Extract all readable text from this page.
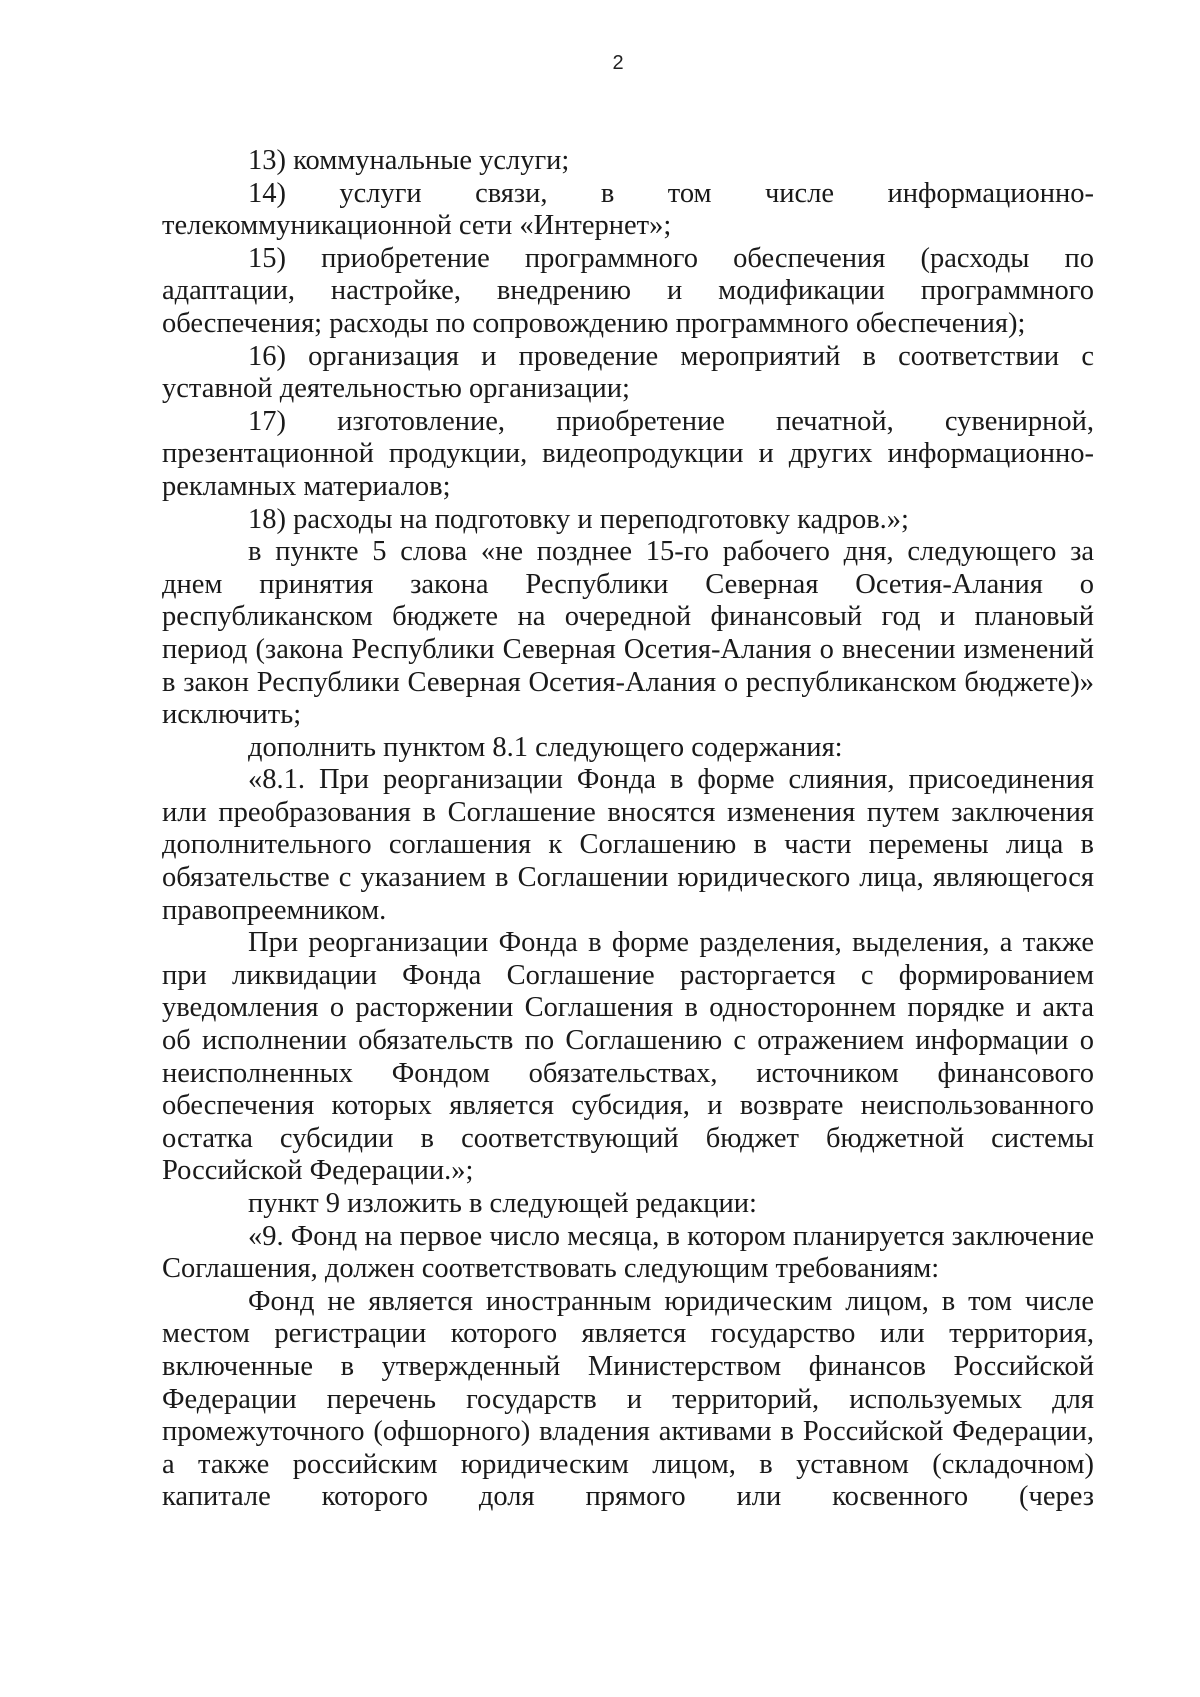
2

13) коммунальные услуги;

14) услуги связи, в том числе информационно-телекоммуникационной сети «Интернет»;

15) приобретение программного обеспечения (расходы по адаптации, настройке, внедрению и модификации программного обеспечения; расходы по сопровождению программного обеспечения);

16) организация и проведение мероприятий в соответствии с уставной деятельностью организации;

17) изготовление, приобретение печатной, сувенирной, презентационной продукции, видеопродукции и других информационно-рекламных материалов;

18) расходы на подготовку и переподготовку кадров.»;

в пункте 5 слова «не позднее 15-го рабочего дня, следующего за днем принятия закона Республики Северная Осетия-Алания о республиканском бюджете на очередной финансовый год и плановый период (закона Республики Северная Осетия-Алания о внесении изменений в закон Республики Северная Осетия-Алания о республиканском бюджете)» исключить;

дополнить пунктом 8.1 следующего содержания:

«8.1. При реорганизации Фонда в форме слияния, присоединения или преобразования в Соглашение вносятся изменения путем заключения дополнительного соглашения к Соглашению в части перемены лица в обязательстве с указанием в Соглашении юридического лица, являющегося правопреемником.

При реорганизации Фонда в форме разделения, выделения, а также при ликвидации Фонда Соглашение расторгается с формированием уведомления о расторжении Соглашения в одностороннем порядке и акта об исполнении обязательств по Соглашению с отражением информации о неисполненных Фондом обязательствах, источником финансового обеспечения которых является субсидия, и возврате неиспользованного остатка субсидии в соответствующий бюджет бюджетной системы Российской Федерации.»;

пункт 9 изложить в следующей редакции:

«9. Фонд на первое число месяца, в котором планируется заключение Соглашения, должен соответствовать следующим требованиям:

Фонд не является иностранным юридическим лицом, в том числе местом регистрации которого является государство или территория, включенные в утвержденный Министерством финансов Российской Федерации перечень государств и территорий, используемых для промежуточного (офшорного) владения активами в Российской Федерации, а также российским юридическим лицом, в уставном (складочном) капитале которого доля прямого или косвенного (через
